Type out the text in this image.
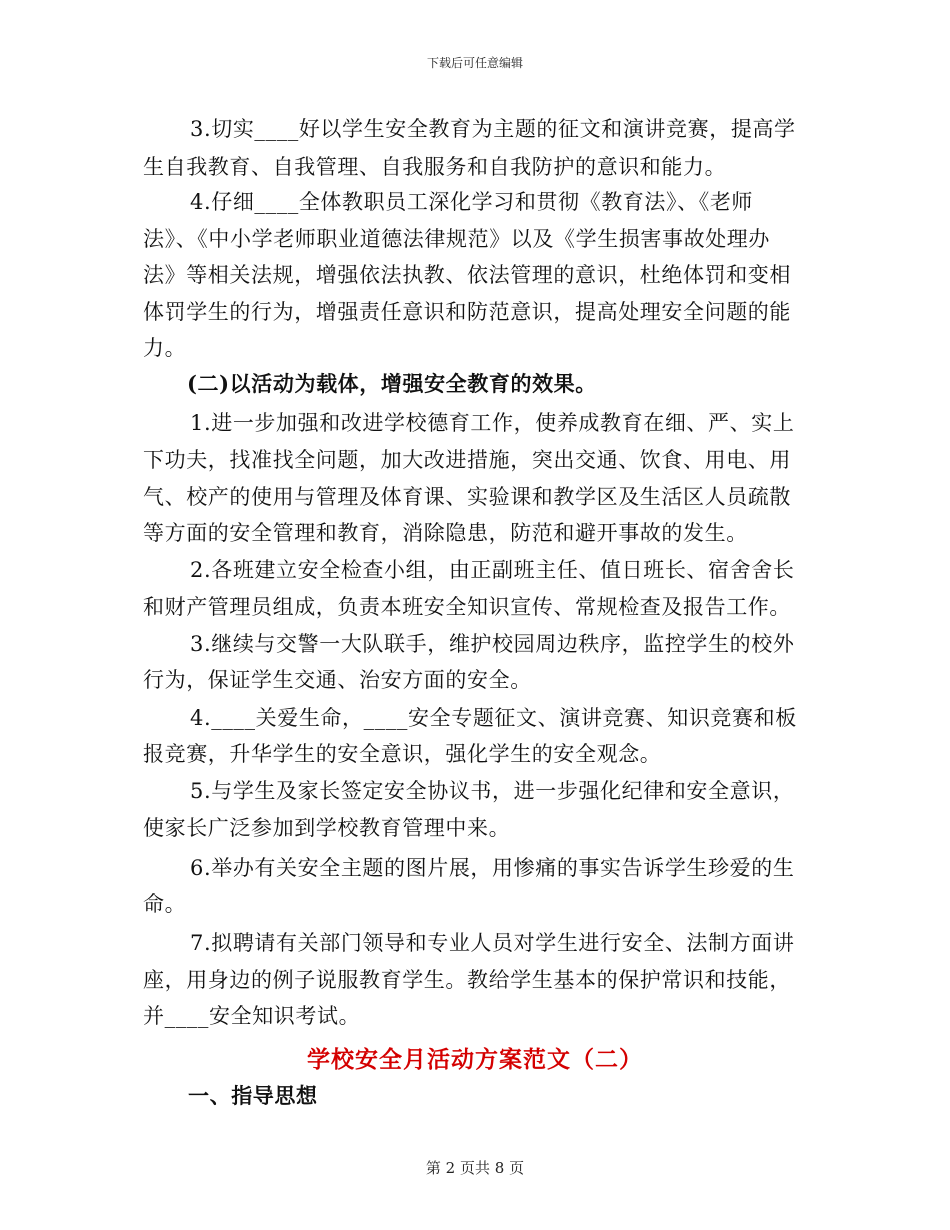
下载后可任意编辑
3.切实____好以学生安全教育为主题的征文和演讲竞赛，提高学
生自我教育、自我管理、自我服务和自我防护的意识和能力。
4.仔细____全体教职员工深化学习和贯彻《教育法》、《老师
法》、《中小学老师职业道德法律规范》以及《学生损害事故处理办
法》等相关法规，增强依法执教、依法管理的意识，杜绝体罚和变相
体罚学生的行为，增强责任意识和防范意识，提高处理安全问题的能
力。
(二)以活动为载体，增强安全教育的效果。
1.进一步加强和改进学校德育工作，使养成教育在细、严、实上
下功夫，找准找全问题，加大改进措施，突出交通、饮食、用电、用
气、校产的使用与管理及体育课、实验课和教学区及生活区人员疏散
等方面的安全管理和教育，消除隐患，防范和避开事故的发生。
2.各班建立安全检查小组，由正副班主任、值日班长、宿舍舍长
和财产管理员组成，负责本班安全知识宣传、常规检查及报告工作。
3.继续与交警一大队联手，维护校园周边秩序，监控学生的校外
行为，保证学生交通、治安方面的安全。
4.____关爱生命，____安全专题征文、演讲竞赛、知识竞赛和板
报竞赛，升华学生的安全意识，强化学生的安全观念。
5.与学生及家长签定安全协议书，进一步强化纪律和安全意识，
使家长广泛参加到学校教育管理中来。
6.举办有关安全主题的图片展，用惨痛的事实告诉学生珍爱的生
命。
7.拟聘请有关部门领导和专业人员对学生进行安全、法制方面讲
座，用身边的例子说服教育学生。教给学生基本的保护常识和技能，
并____安全知识考试。
学校安全月活动方案范文（二）
一、指导思想
第 2 页共 8 页
